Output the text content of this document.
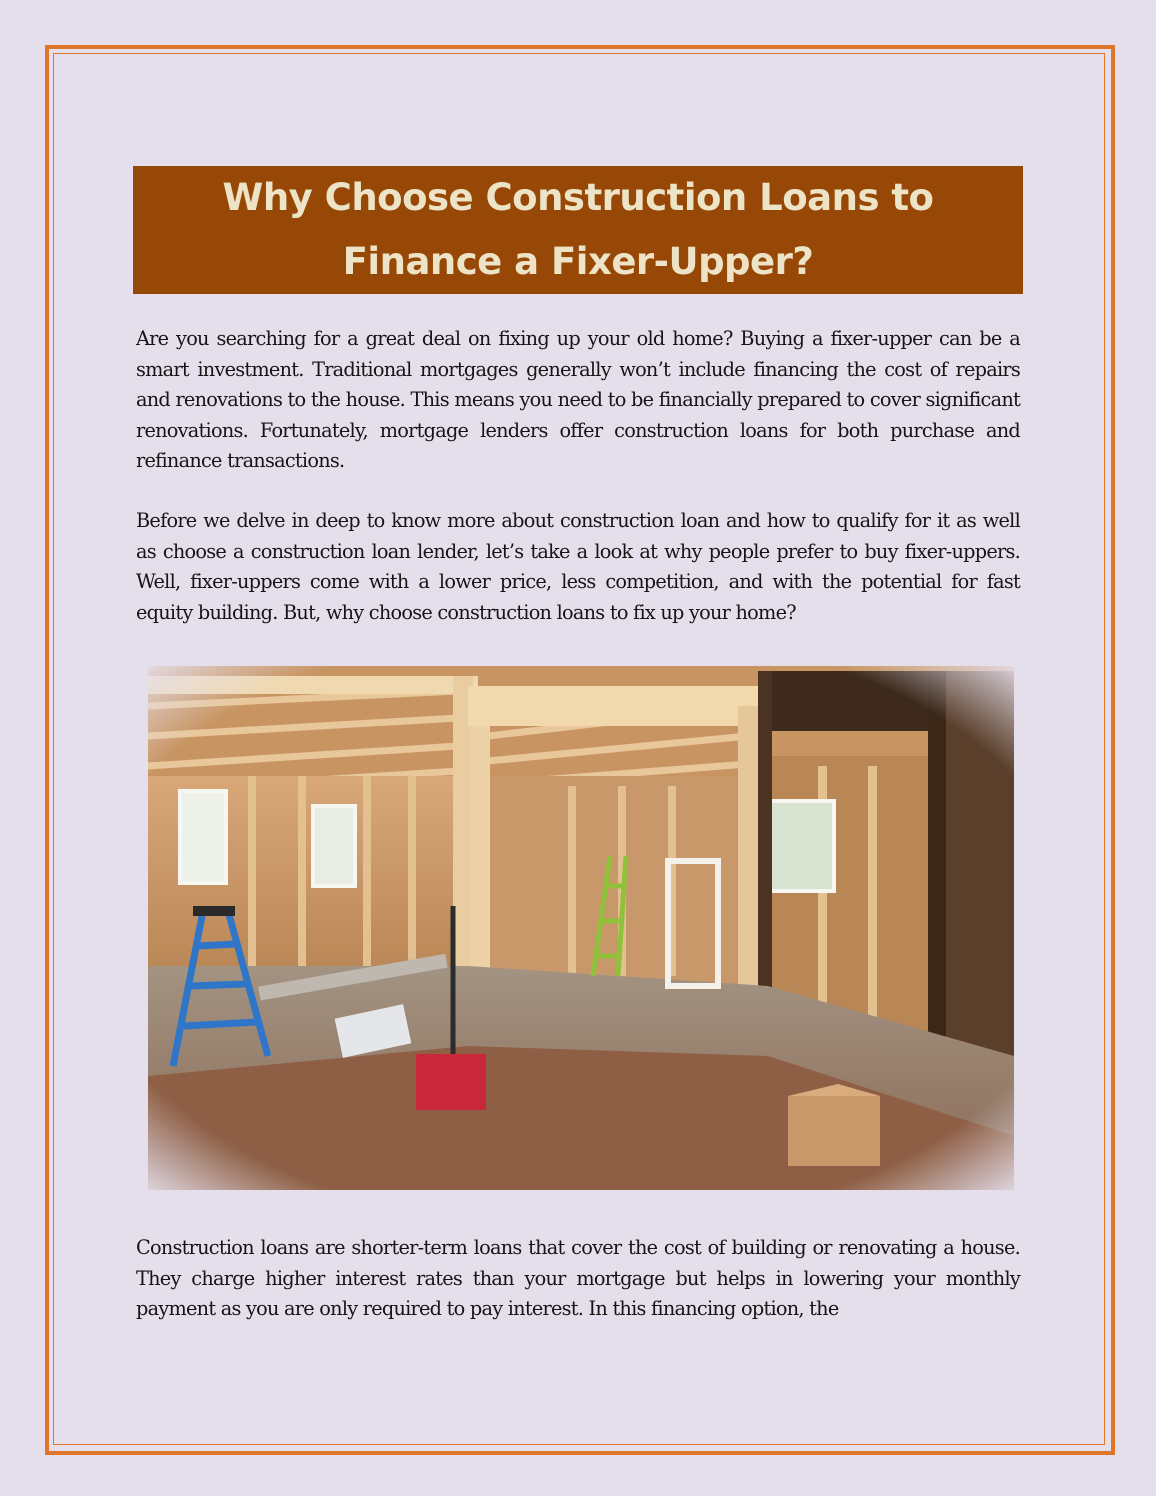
Why Choose Construction Loans to Finance a Fixer-Upper?

Are you searching for a great deal on fixing up your old home? Buying a fixer-upper can be a smart investment. Traditional mortgages generally won’t include financing the cost of repairs and renovations to the house. This means you need to be financially prepared to cover significant renovations. Fortunately, mortgage lenders offer construction loans for both purchase and refinance transactions.

Before we delve in deep to know more about construction loan and how to qualify for it as well as choose a construction loan lender, let’s take a look at why people prefer to buy fixer-uppers. Well, fixer-uppers come with a lower price, less competition, and with the potential for fast equity building. But, why choose construction loans to fix up your home?

Construction loans are shorter-term loans that cover the cost of building or renovating a house. They charge higher interest rates than your mortgage but helps in lowering your monthly payment as you are only required to pay interest. In this financing option, the
